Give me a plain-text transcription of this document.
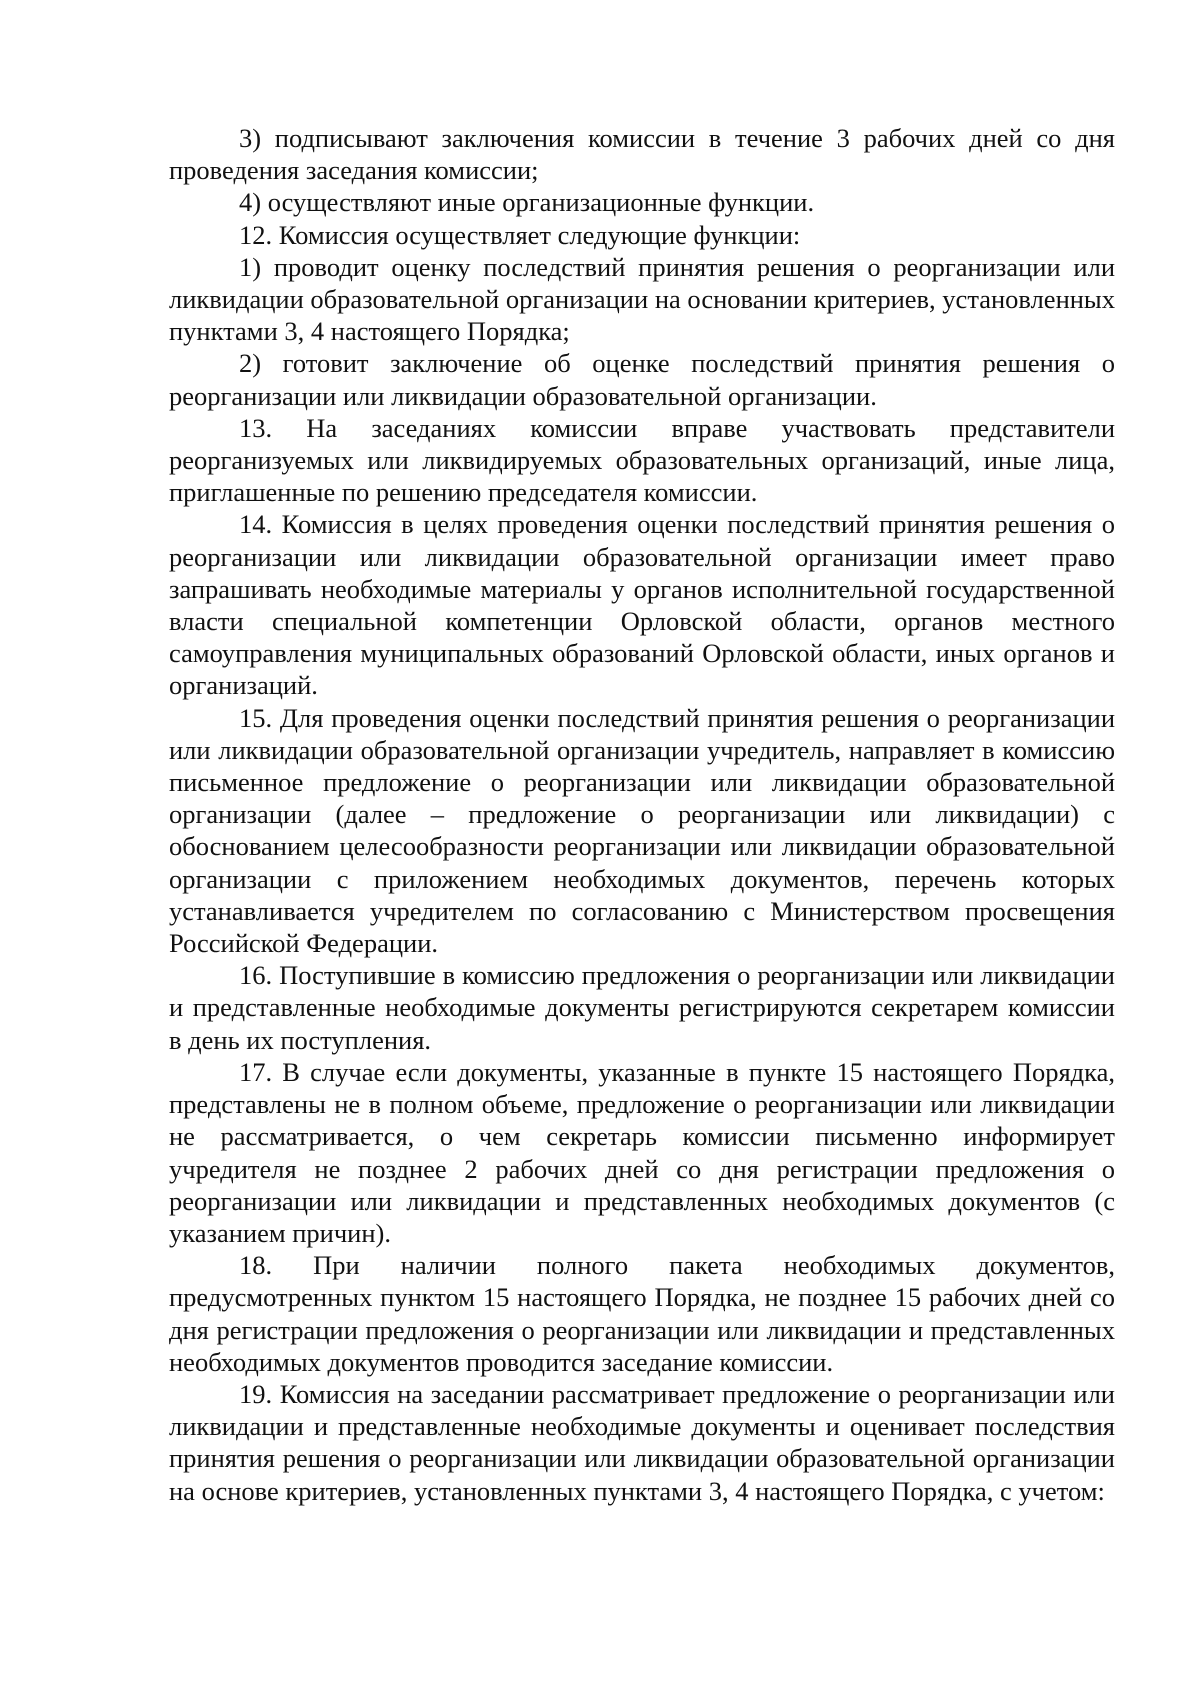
3) подписывают заключения комиссии в течение 3 рабочих дней со дня проведения заседания комиссии;

4) осуществляют иные организационные функции.

12. Комиссия осуществляет следующие функции:

1) проводит оценку последствий принятия решения о реорганизации или ликвидации образовательной организации на основании критериев, установленных пунктами 3, 4 настоящего Порядка;

2) готовит заключение об оценке последствий принятия решения о реорганизации или ликвидации образовательной организации.

13. На заседаниях комиссии вправе участвовать представители реорганизуемых или ликвидируемых образовательных организаций, иные лица, приглашенные по решению председателя комиссии.

14. Комиссия в целях проведения оценки последствий принятия решения о реорганизации или ликвидации образовательной организации имеет право запрашивать необходимые материалы у органов исполнительной государственной власти специальной компетенции Орловской области, органов местного самоуправления муниципальных образований Орловской области, иных органов и организаций.

15. Для проведения оценки последствий принятия решения о реорганизации или ликвидации образовательной организации учредитель, направляет в комиссию письменное предложение о реорганизации или ликвидации образовательной организации (далее – предложение о реорганизации или ликвидации) с обоснованием целесообразности реорганизации или ликвидации образовательной организации с приложением необходимых документов, перечень которых устанавливается учредителем по согласованию с Министерством просвещения Российской Федерации.

16. Поступившие в комиссию предложения о реорганизации или ликвидации и представленные необходимые документы регистрируются секретарем комиссии в день их поступления.

17. В случае если документы, указанные в пункте 15 настоящего Порядка, представлены не в полном объеме, предложение о реорганизации или ликвидации не рассматривается, о чем секретарь комиссии письменно информирует учредителя не позднее 2 рабочих дней со дня регистрации предложения о реорганизации или ликвидации и представленных необходимых документов (с указанием причин).

18. При наличии полного пакета необходимых документов, предусмотренных пунктом 15 настоящего Порядка, не позднее 15 рабочих дней со дня регистрации предложения о реорганизации или ликвидации и представленных необходимых документов проводится заседание комиссии.

19. Комиссия на заседании рассматривает предложение о реорганизации или ликвидации и представленные необходимые документы и оценивает последствия принятия решения о реорганизации или ликвидации образовательной организации на основе критериев, установленных пунктами 3, 4 настоящего Порядка, с учетом:
